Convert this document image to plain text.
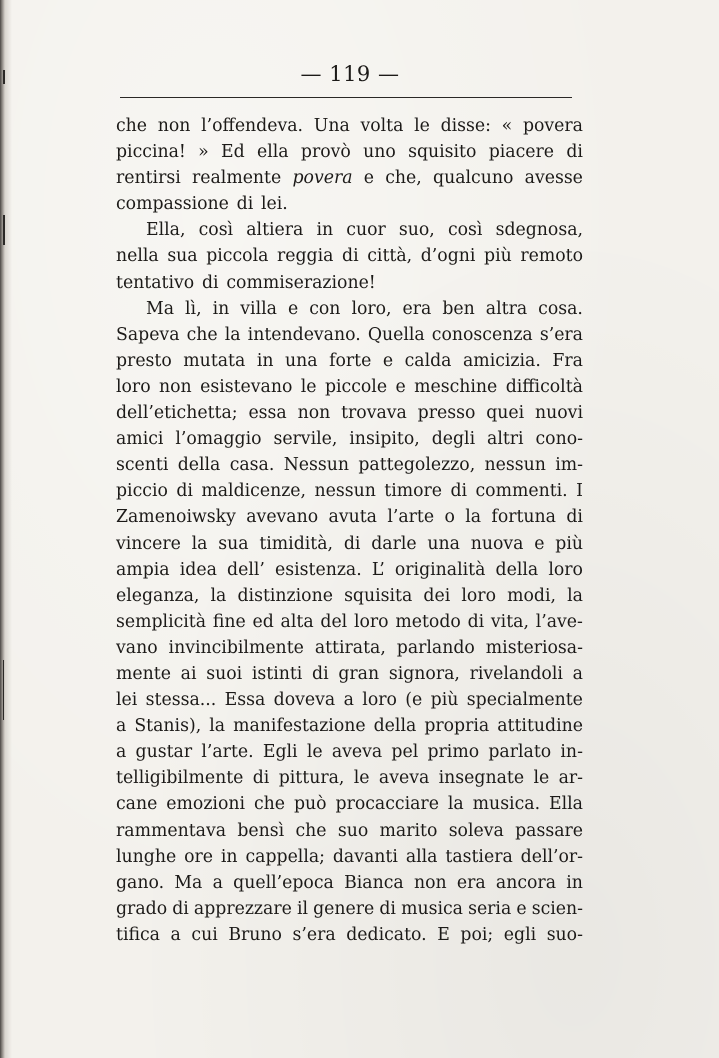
— 119 —
che non l’offendeva. Una volta le disse: « povera
piccina! » Ed ella provò uno squisito piacere di
rentirsi realmente povera e che, qualcuno avesse
compassione di lei.
Ella, così altiera in cuor suo, così sdegnosa,
nella sua piccola reggia di città, d’ogni più remoto
tentativo di commiserazione!
Ma lì, in villa e con loro, era ben altra cosa.
Sapeva che la intendevano. Quella conoscenza s’era
presto mutata in una forte e calda amicizia. Fra
loro non esistevano le piccole e meschine difficoltà
dell’etichetta; essa non trovava presso quei nuovi
amici l’omaggio servile, insipito, degli altri cono-
scenti della casa. Nessun pattegolezzo, nessun im-
piccio di maldicenze, nessun timore di commenti. I
Zamenoiwsky avevano avuta l’arte o la fortuna di
vincere la sua timidità, di darle una nuova e più
ampia idea dell’ esistenza. L’ originalità della loro
eleganza, la distinzione squisita dei loro modi, la
semplicità fine ed alta del loro metodo di vita, l’ave-
vano invincibilmente attirata, parlando misteriosa-
mente ai suoi istinti di gran signora, rivelandoli a
lei stessa... Essa doveva a loro (e più specialmente
a Stanis), la manifestazione della propria attitudine
a gustar l’arte. Egli le aveva pel primo parlato in-
telligibilmente di pittura, le aveva insegnate le ar-
cane emozioni che può procacciare la musica. Ella
rammentava bensì che suo marito soleva passare
lunghe ore in cappella; davanti alla tastiera dell’or-
gano. Ma a quell’epoca Bianca non era ancora in
grado di apprezzare il genere di musica seria e scien-
tifica a cui Bruno s’era dedicato. E poi; egli suo-
